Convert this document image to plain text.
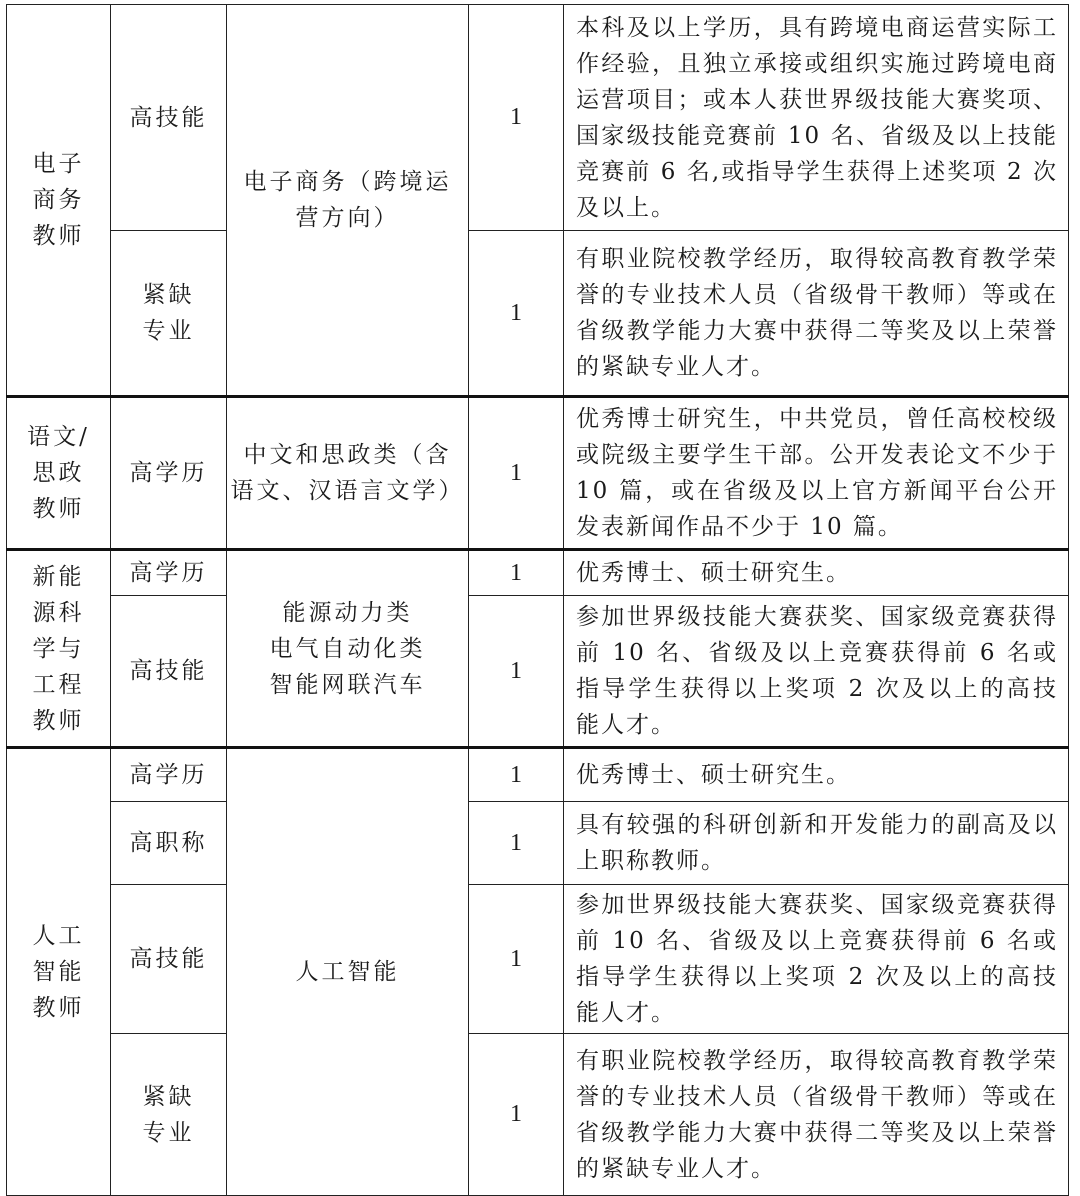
电子
商务
教师	高技能	电子商务（跨境运
营方向）	1	本科及以上学历，具有跨境电商运营实际工作经验，且独立承接或组织实施过跨境电商运营项目；或本人获世界级技能大赛奖项、国家级技能竞赛前 10 名、省级及以上技能竞赛前 6 名,或指导学生获得上述奖项 2 次及以上。

	紧缺
专业		1	有职业院校教学经历，取得较高教育教学荣誉的专业技术人员（省级骨干教师）等或在省级教学能力大赛中获得二等奖及以上荣誉的紧缺专业人才。

语文/
思政
教师	高学历	中文和思政类（含
语文、汉语言文学）	1	优秀博士研究生，中共党员，曾任高校校级或院级主要学生干部。公开发表论文不少于 10 篇，或在省级及以上官方新闻平台公开发表新闻作品不少于 10 篇。

新能
源科
学与
工程
教师	高学历	能源动力类
电气自动化类
智能网联汽车	1	优秀博士、硕士研究生。

	高技能		1	参加世界级技能大赛获奖、国家级竞赛获得前 10 名、省级及以上竞赛获得前 6 名或指导学生获得以上奖项 2 次及以上的高技能人才。

人工
智能
教师	高学历	人工智能	1	优秀博士、硕士研究生。

	高职称		1	具有较强的科研创新和开发能力的副高及以上职称教师。

	高技能		1	参加世界级技能大赛获奖、国家级竞赛获得前 10 名、省级及以上竞赛获得前 6 名或指导学生获得以上奖项 2 次及以上的高技能人才。

	紧缺
专业		1	有职业院校教学经历，取得较高教育教学荣誉的专业技术人员（省级骨干教师）等或在省级教学能力大赛中获得二等奖及以上荣誉的紧缺专业人才。
